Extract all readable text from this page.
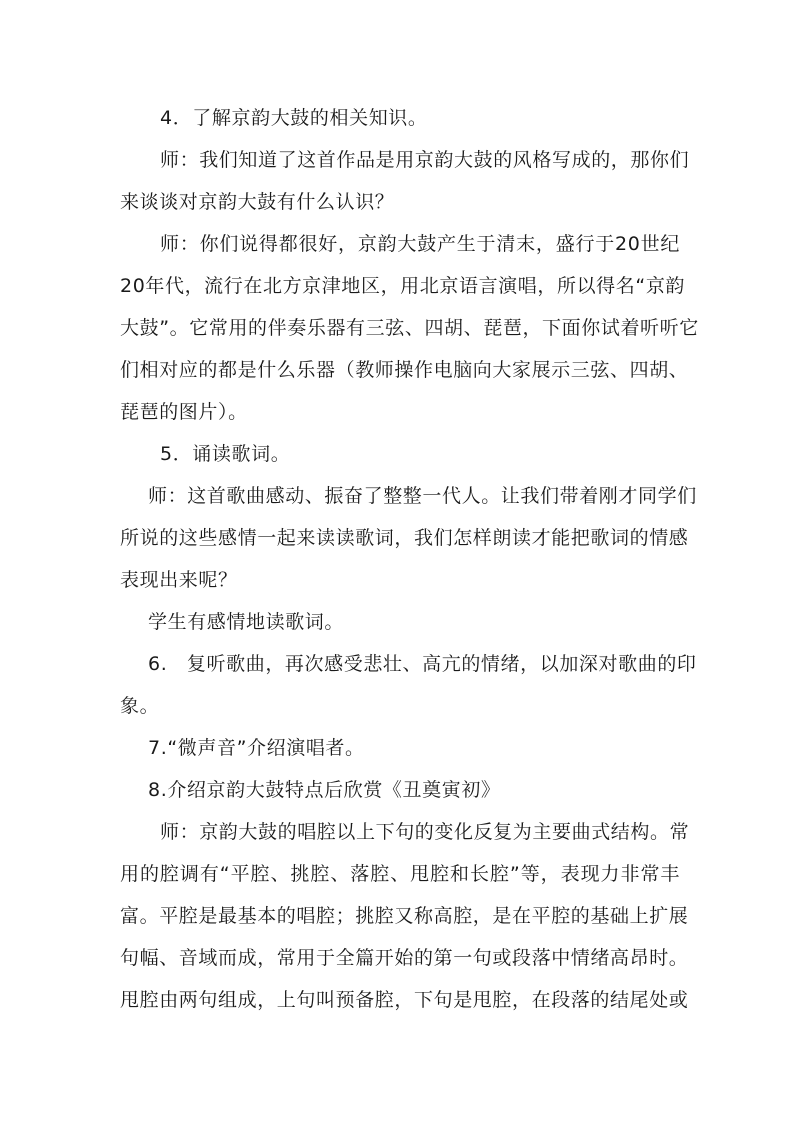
4．了解京韵大鼓的相关知识。
师：我们知道了这首作品是用京韵大鼓的风格写成的，那你们
来谈谈对京韵大鼓有什么认识？
师：你们说得都很好，京韵大鼓产生于清末，盛行于20世纪
20年代，流行在北方京津地区，用北京语言演唱，所以得名“京韵
大鼓”。它常用的伴奏乐器有三弦、四胡、琵琶，下面你试着听听它
们相对应的都是什么乐器（教师操作电脑向大家展示三弦、四胡、
琵琶的图片）。
5．诵读歌词。
师：这首歌曲感动、振奋了整整一代人。让我们带着刚才同学们
所说的这些感情一起来读读歌词，我们怎样朗读才能把歌词的情感
表现出来呢？
学生有感情地读歌词。
6.　复听歌曲，再次感受悲壮、高亢的情绪，以加深对歌曲的印
象。
7.“微声音”介绍演唱者。
8.介绍京韵大鼓特点后欣赏《丑奠寅初》
师：京韵大鼓的唱腔以上下句的变化反复为主要曲式结构。常
用的腔调有“平腔、挑腔、落腔、甩腔和长腔”等，表现力非常丰
富。平腔是最基本的唱腔；挑腔又称高腔，是在平腔的基础上扩展
句幅、音域而成，常用于全篇开始的第一句或段落中情绪高昂时。
甩腔由两句组成，上句叫预备腔，下句是甩腔，在段落的结尾处或
